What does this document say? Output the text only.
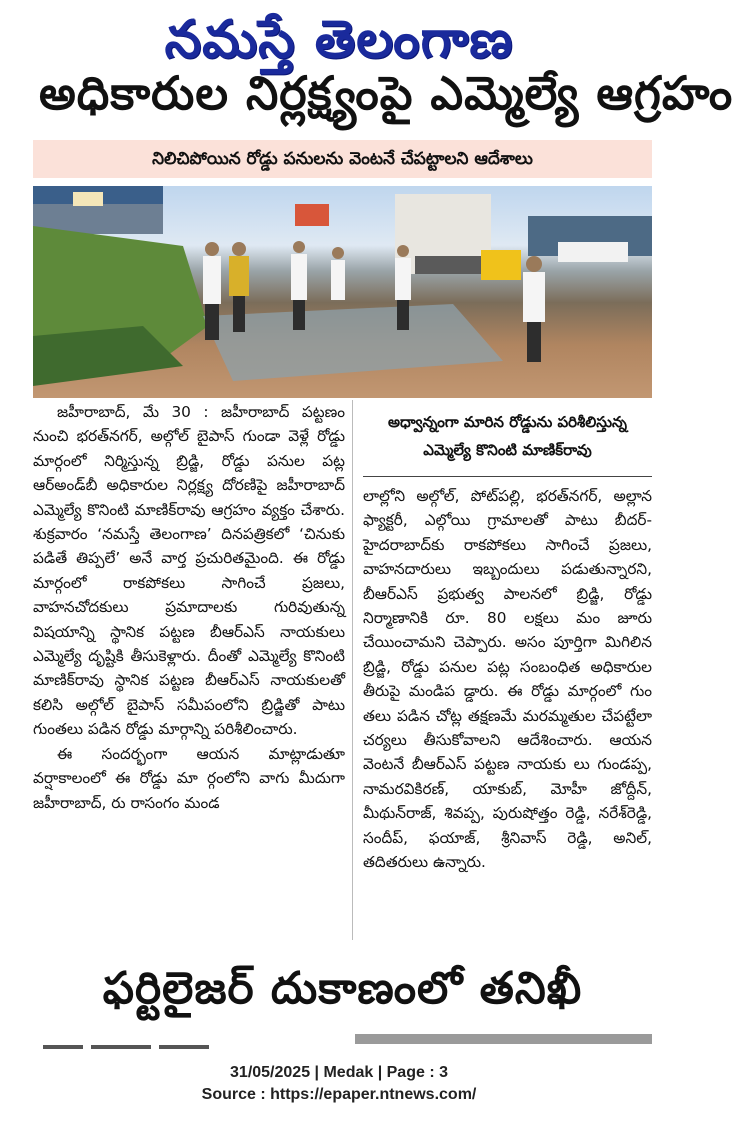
నమస్తే తెలంగాణ
అధికారుల నిర్లక్ష్యంపై ఎమ్మెల్యే ఆగ్రహం
నిలిచిపోయిన రోడ్డు పనులను వెంటనే చేపట్టాలని ఆదేశాలు

జహీరాబాద్‌, మే 30 : జహీరాబాద్‌ పట్టణం నుంచి భరత్‌నగర్‌, అల్గోల్‌ బైపాస్‌ గుండా వెళ్లే రోడ్డు మార్గంలో నిర్మిస్తున్న బ్రిడ్జి, రోడ్డు పనుల పట్ల ఆర్‌అండ్‌బీ అధికారుల నిర్లక్ష్య దోరణిపై జహీరాబాద్‌ ఎమ్మెల్యే కొనింటి మాణిక్‌రావు ఆగ్రహం వ్యక్తం చేశారు. శుక్రవారం ‘నమస్తే తెలంగాణ’ దినపత్రికలో ‘చినుకు పడితే తిప్పలే’ అనే వార్త ప్రచురితమైంది. ఈ రోడ్డు మార్గంలో రాకపోకలు సాగించే ప్రజలు, వాహనచోదకులు ప్రమాదాలకు గురివుతున్న విషయాన్ని స్థానిక పట్టణ బీఆర్‌ఎస్‌ నాయకులు ఎమ్మెల్యే దృష్టికి తీసుకెళ్లారు. దీంతో ఎమ్మెల్యే కొనింటి మాణిక్‌రావు స్థానిక పట్టణ బీఆర్‌ఎస్‌ నాయకులతో కలిసి అల్గోల్‌ బైపాస్‌ సమీపంలోని బ్రిడ్జితో పాటు గుంతలు పడిన రోడ్డు మార్గాన్ని పరిశీలించారు.

ఈ సందర్భంగా ఆయన మాట్లాడుతూ వర్షాకాలంలో ఈ రోడ్డు మా ర్గంలోని వాగు మీదుగా జహీరాబాద్‌, రు రాసంగం మండ

అధ్వాన్నంగా మారిన రోడ్డును పరిశీలిస్తున్న ఎమ్మెల్యే కొనింటి మాణిక్‌రావు

లాల్లోని అల్గోల్‌, పోట్‌పల్లి, భరత్‌నగర్‌, అల్లాన ఫ్యాక్టరీ, ఎల్గోయి గ్రామాలతో పాటు బీదర్‌-హైదరాబాద్‌కు రాకపోకలు సాగించే ప్రజలు, వాహనదారులు ఇబ్బందులు పడుతున్నారని, బీఆర్‌ఎస్‌ ప్రభుత్వ పాలనలో బ్రిడ్జి, రోడ్డు నిర్మాణానికి రూ. 80 లక్షలు మం జూరు చేయించామని చెప్పారు. అసం పూర్తిగా మిగిలిన బ్రిడ్జి, రోడ్డు పనుల పట్ల సంబంధిత అధికారుల తీరుపై మండిప డ్డారు. ఈ రోడ్డు మార్గంలో గుం తలు పడిన చోట్ల తక్షణమే మరమ్మతుల చేపట్టేలా చర్యలు తీసుకోవాలని ఆదేశించారు. ఆయన వెంటనే బీఆర్‌ఎస్‌ పట్టణ నాయకు లు గుండప్ప, నామరవికిరణ్‌, యాకుబ్‌, మోహీ జోద్దీన్‌, మీథున్‌రాజ్‌, శివప్ప, పురుషోత్తం రెడ్డి, నరేశ్‌రెడ్డి, సందీప్‌, ఫయాజ్‌, శ్రీనివాస్‌ రెడ్డి, అనిల్‌, తదితరులు ఉన్నారు.

ఫర్టిలైజర్‌ దుకాణంలో తనిఖీ
31/05/2025 | Medak | Page : 3
Source : https://epaper.ntnews.com/
